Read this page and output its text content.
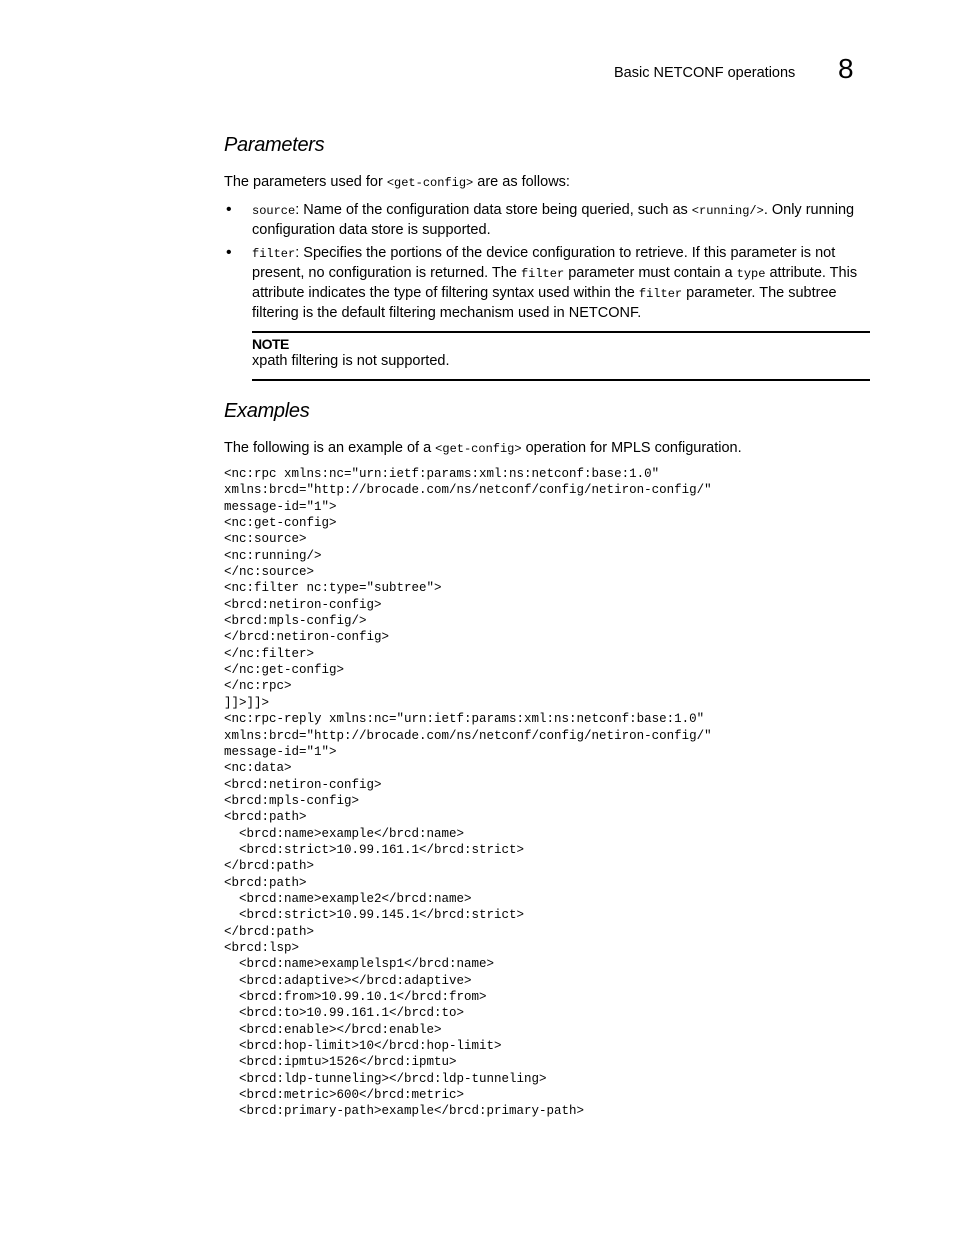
Basic NETCONF operations 8
Parameters
The parameters used for <get-config> are as follows:
• source: Name of the configuration data store being queried, such as <running/>. Only running configuration data store is supported.
• filter: Specifies the portions of the device configuration to retrieve. If this parameter is not present, no configuration is returned. The filter parameter must contain a type attribute. This attribute indicates the type of filtering syntax used within the filter parameter. The subtree filtering is the default filtering mechanism used in NETCONF.
NOTE
xpath filtering is not supported.
Examples
The following is an example of a <get-config> operation for MPLS configuration.
<nc:rpc xmlns:nc="urn:ietf:params:xml:ns:netconf:base:1.0"
xmlns:brcd="http://brocade.com/ns/netconf/config/netiron-config/"
message-id="1">
<nc:get-config>
<nc:source>
<nc:running/>
</nc:source>
<nc:filter nc:type="subtree">
<brcd:netiron-config>
<brcd:mpls-config/>
</brcd:netiron-config>
</nc:filter>
</nc:get-config>
</nc:rpc>
]]>]]>
<nc:rpc-reply xmlns:nc="urn:ietf:params:xml:ns:netconf:base:1.0"
xmlns:brcd="http://brocade.com/ns/netconf/config/netiron-config/"
message-id="1">
<nc:data>
<brcd:netiron-config>
<brcd:mpls-config>
<brcd:path>
<brcd:name>example</brcd:name>
<brcd:strict>10.99.161.1</brcd:strict>
</brcd:path>
<brcd:path>
<brcd:name>example2</brcd:name>
<brcd:strict>10.99.145.1</brcd:strict>
</brcd:path>
<brcd:lsp>
<brcd:name>examplelsp1</brcd:name>
<brcd:adaptive></brcd:adaptive>
<brcd:from>10.99.10.1</brcd:from>
<brcd:to>10.99.161.1</brcd:to>
<brcd:enable></brcd:enable>
<brcd:hop-limit>10</brcd:hop-limit>
<brcd:ipmtu>1526</brcd:ipmtu>
<brcd:ldp-tunneling></brcd:ldp-tunneling>
<brcd:metric>600</brcd:metric>
<brcd:primary-path>example</brcd:primary-path>
